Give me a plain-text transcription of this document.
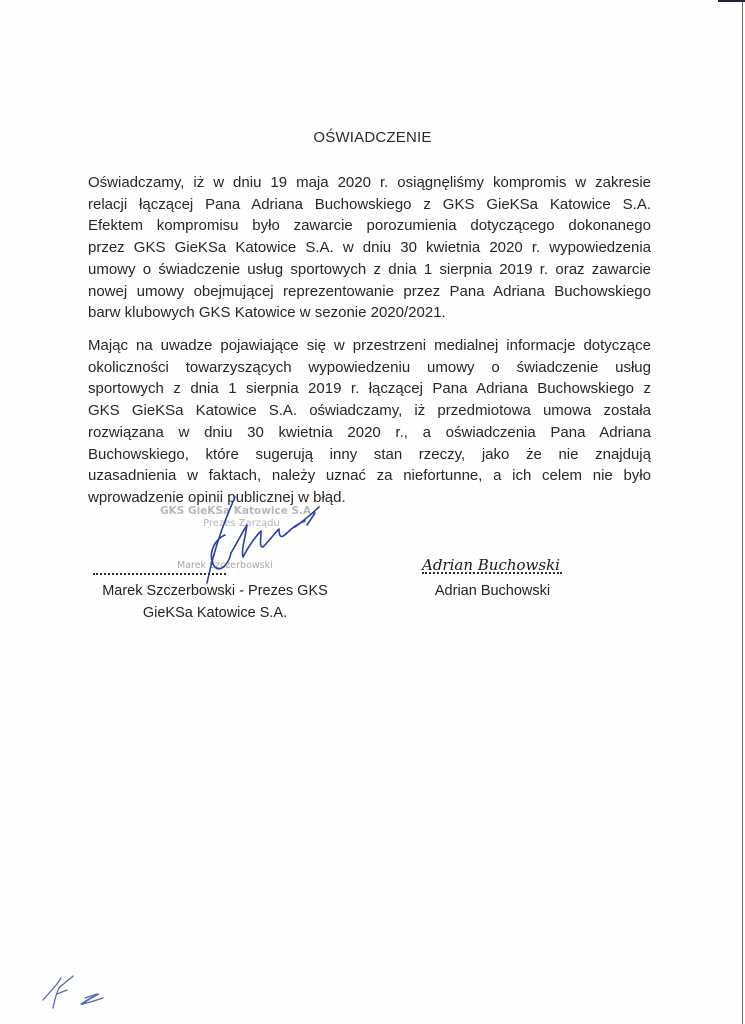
OŚWIADCZENIE
Oświadczamy, iż w dniu 19 maja 2020 r. osiągnęliśmy kompromis w zakresie
relacji łączącej Pana Adriana Buchowskiego z GKS GieKSa Katowice S.A.
Efektem kompromisu było zawarcie porozumienia dotyczącego dokonanego
przez GKS GieKSa Katowice S.A. w dniu 30 kwietnia 2020 r. wypowiedzenia
umowy o świadczenie usług sportowych z dnia 1 sierpnia 2019 r. oraz zawarcie
nowej umowy obejmującej reprezentowanie przez Pana Adriana Buchowskiego
barw klubowych GKS Katowice w sezonie 2020/2021.
Mając na uwadze pojawiające się w przestrzeni medialnej informacje dotyczące
okoliczności towarzyszących wypowiedzeniu umowy o świadczenie usług
sportowych z dnia 1 sierpnia 2019 r. łączącej Pana Adriana Buchowskiego z
GKS GieKSa Katowice S.A. oświadczamy, iż przedmiotowa umowa została
rozwiązana w dniu 30 kwietnia 2020 r., a oświadczenia Pana Adriana
Buchowskiego, które sugerują inny stan rzeczy, jako że nie znajdują
uzasadnienia w faktach, należy uznać za niefortunne, a ich celem nie było
wprowadzenie opinii publicznej w błąd.
GKS GieKSa Katowice S.A.
Prezes Zarządu
Marek Szczerbowski
Marek Szczerbowski - Prezes GKS
GieKSa Katowice S.A.
Adrian Buchowski
Adrian Buchowski
